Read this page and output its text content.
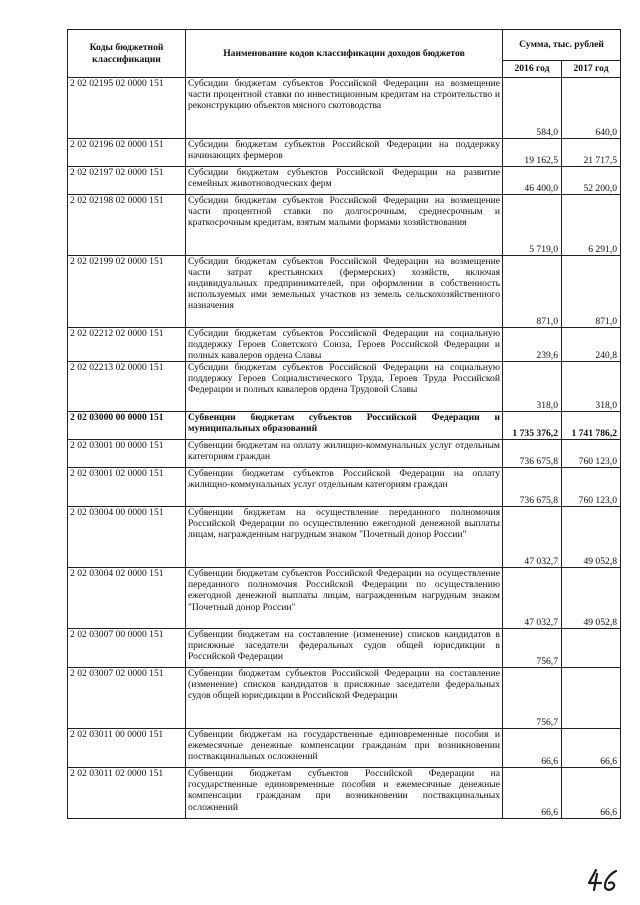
Коды бюджетной классификации	Наименование кодов классификации доходов бюджетов	Сумма, тыс. рублей	
		2016 год	2017 год
2 02 02195 02 0000 151	Субсидии бюджетам субъектов Российской Федерации на возмещение части процентной ставки по инвестиционным кредитам на строительство и реконструкцию объектов мясного скотоводства	584,0	640,0
2 02 02196 02 0000 151	Субсидии бюджетам субъектов Российской Федерации на поддержку начинающих фермеров	19 162,5	21 717,5
2 02 02197 02 0000 151	Субсидии бюджетам субъектов Российской Федерации на развитие семейных животноводческих ферм	46 400,0	52 200,0
2 02 02198 02 0000 151	Субсидии бюджетам субъектов Российской Федерации на возмещение части процентной ставки по долгосрочным, среднесрочным и краткосрочным кредитам, взятым малыми формами хозяйствования	5 719,0	6 291,0
2 02 02199 02 0000 151	Субсидии бюджетам субъектов Российской Федерации на возмещение части затрат крестьянских (фермерских) хозяйств, включая индивидуальных предпринимателей, при оформлении в собственность используемых ими земельных участков из земель сельскохозяйственного назначения	871,0	871,0
2 02 02212 02 0000 151	Субсидии бюджетам субъектов Российской Федерации на социальную поддержку Героев Советского Союза, Героев Российской Федерации и полных кавалеров ордена Славы	239,6	240,8
2 02 02213 02 0000 151	Субсидии бюджетам субъектов Российской Федерации на социальную поддержку Героев Социалистического Труда, Героев Труда Российской Федерации и полных кавалеров ордена Трудовой Славы	318,0	318,0
2 02 03000 00 0000 151	Субвенции бюджетам субъектов Российской Федерации и муниципальных образований	1 735 376,2	1 741 786,2
2 02 03001 00 0000 151	Субвенции бюджетам на оплату жилищно-коммунальных услуг отдельным категориям граждан	736 675,8	760 123,0
2 02 03001 02 0000 151	Субвенции бюджетам субъектов Российской Федерации на оплату жилищно-коммунальных услуг отдельным категориям граждан	736 675,8	760 123,0
2 02 03004 00 0000 151	Субвенции бюджетам на осуществление переданного полномочия Российской Федерации по осуществлению ежегодной денежной выплаты лицам, награжденным нагрудным знаком "Почетный донор России"	47 032,7	49 052,8
2 02 03004 02 0000 151	Субвенции бюджетам субъектов Российской Федерации на осуществление переданного полномочия Российской Федерации по осуществлению ежегодной денежной выплаты лицам, награжденным нагрудным знаком "Почетный донор России"	47 032,7	49 052,8
2 02 03007 00 0000 151	Субвенции бюджетам на составление (изменение) списков кандидатов в присяжные заседатели федеральных судов общей юрисдикции в Российской Федерации	756,7	
2 02 03007 02 0000 151	Субвенции бюджетам субъектов Российской Федерации на составление (изменение) списков кандидатов в присяжные заседатели федеральных судов общей юрисдикции в Российской Федерации	756,7	
2 02 03011 00 0000 151	Субвенции бюджетам на государственные единовременные пособия и ежемесячные денежные компенсации гражданам при возникновении поствакцинальных осложнений	66,6	66,6
2 02 03011 02 0000 151	Субвенции бюджетам субъектов Российской Федерации на государственные единовременные пособия и ежемесячные денежные компенсации гражданам при возникновении поствакцинальных осложнений	66,6	66,6
